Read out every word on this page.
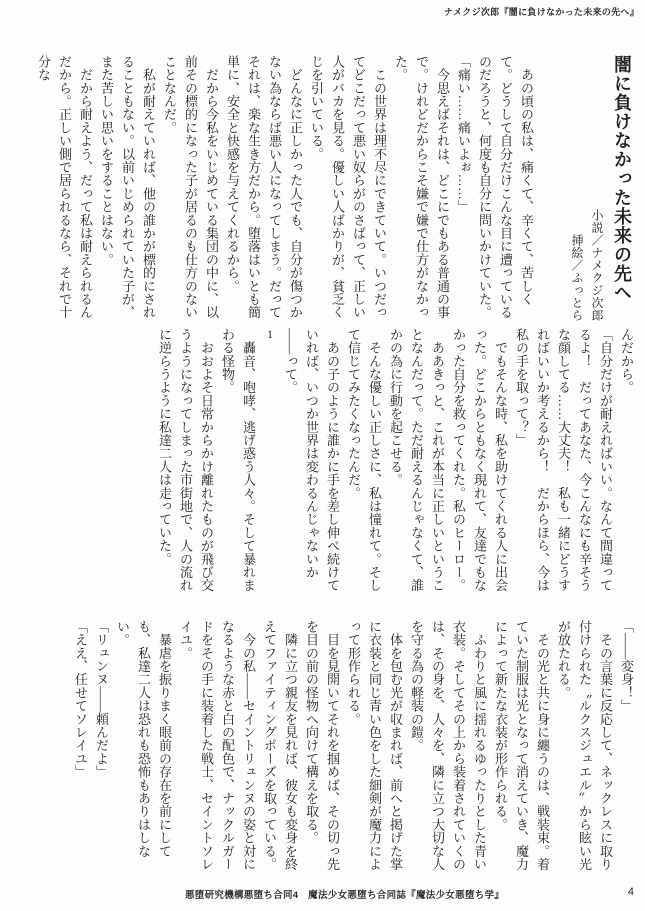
ナメクジ次郎『闇に負けなかった未来の先へ』

闇に負けなかった未来の先へ

小説／ナメクジ次郎

挿絵／ふっとら

　あの頃の私は、痛くて、辛くて、苦しくて。どうして自分だけこんな目に遭っているのだろうと、何度も自分に問いかけていた。

「痛い……痛いよぉ……」

　今思えばそれは、どこにでもある普通の事で。けれどだからこそ嫌で嫌で仕方がなかった。

　この世界は理不尽にできていて。いつだってどこだって悪い奴らがのさばって、正しい人がバカを見る。優しい人ばかりが、貧乏くじを引いている。

　どんなに正しかった人でも、自分が傷つかない為ならば悪い人になってしまう。だってそれは、楽な生き方だから。堕落はいとも簡単に、安全と快感を与えてくれるから。

　だから今私をいじめている集団の中に、以前その標的になった子が居るのも仕方のないことなんだ。

　私が耐えていれば、他の誰かが標的にされることもない。以前いじめられていた子が、また苦しい思いをすることはない。

　だから耐えよう、だって私は耐えられるんだから。正しい側で居られるなら、それで十分な

んだから。

「自分だけが耐えればいい。なんて間違ってるよ！　だってあなた、今こんなにも辛そうな顔してる……大丈夫！　私も一緒にどうすればいいか考えるから！　だからほら、今は私の手を取って？」

　でもそんな時、私を助けてくれる人に出会った。どこからともなく現れて、友達でもなかった自分を救ってくれた。私のヒーロー。

　ああきっと、これが本当に正しいということなんだって。ただ耐えるんじゃなくて、誰かの為に行動を起こせる。

　そんな優しい正しさに、私は憧れて。そして信じてみたくなったんだ。

　あの子のように誰かに手を差し伸べ続けていれば、いつか世界は変わるんじゃないか――って。

1

　轟音、咆哮、逃げ惑う人々。そして暴れまわる怪物。

　おおよそ日常からかけ離れたものが飛び交うようになってしまった市街地で、人の流れに逆らうように私達二人は走っていた。

「――変身！」

　その言葉に反応して、ネックレスに取り付けられた〝ルクスジュエル〟から眩い光が放たれる。

　その光と共に身に纏うのは、戦装束。着ていた制服は光となって消えていき、魔力によって新たな衣装が形作られる。

　ふわりと風に揺れるゆったりとした青い衣装。そしてその上から装着されていくのは、その身を、人々を、隣に立つ大切な人を守る為の軽装の鎧。

　体を包む光が収まれば、前へと掲げた掌に衣装と同じ青い色をした細剣が魔力によって形作られる。

　目を見開いてそれを掴めば、その切っ先を目の前の怪物へ向けて構えを取る。

　隣に立つ親友を見れば、彼女も変身を終えてファイティングポーズを取っている。

　今の私――セイントリュンヌの姿と対になるような赤と白の配色で、ナックルガードをその手に装着した戦士、セイントソレイユ。

　暴虐を振りまく眼前の存在を前にしても、私達二人は恐れも恐怖もありはしない。

「リュンヌ――頼んだよ」

「ええ、任せてソレイユ」

悪堕研究機構悪堕ち合同4　魔法少女悪堕ち合同誌『魔法少女悪堕ち学』	4
